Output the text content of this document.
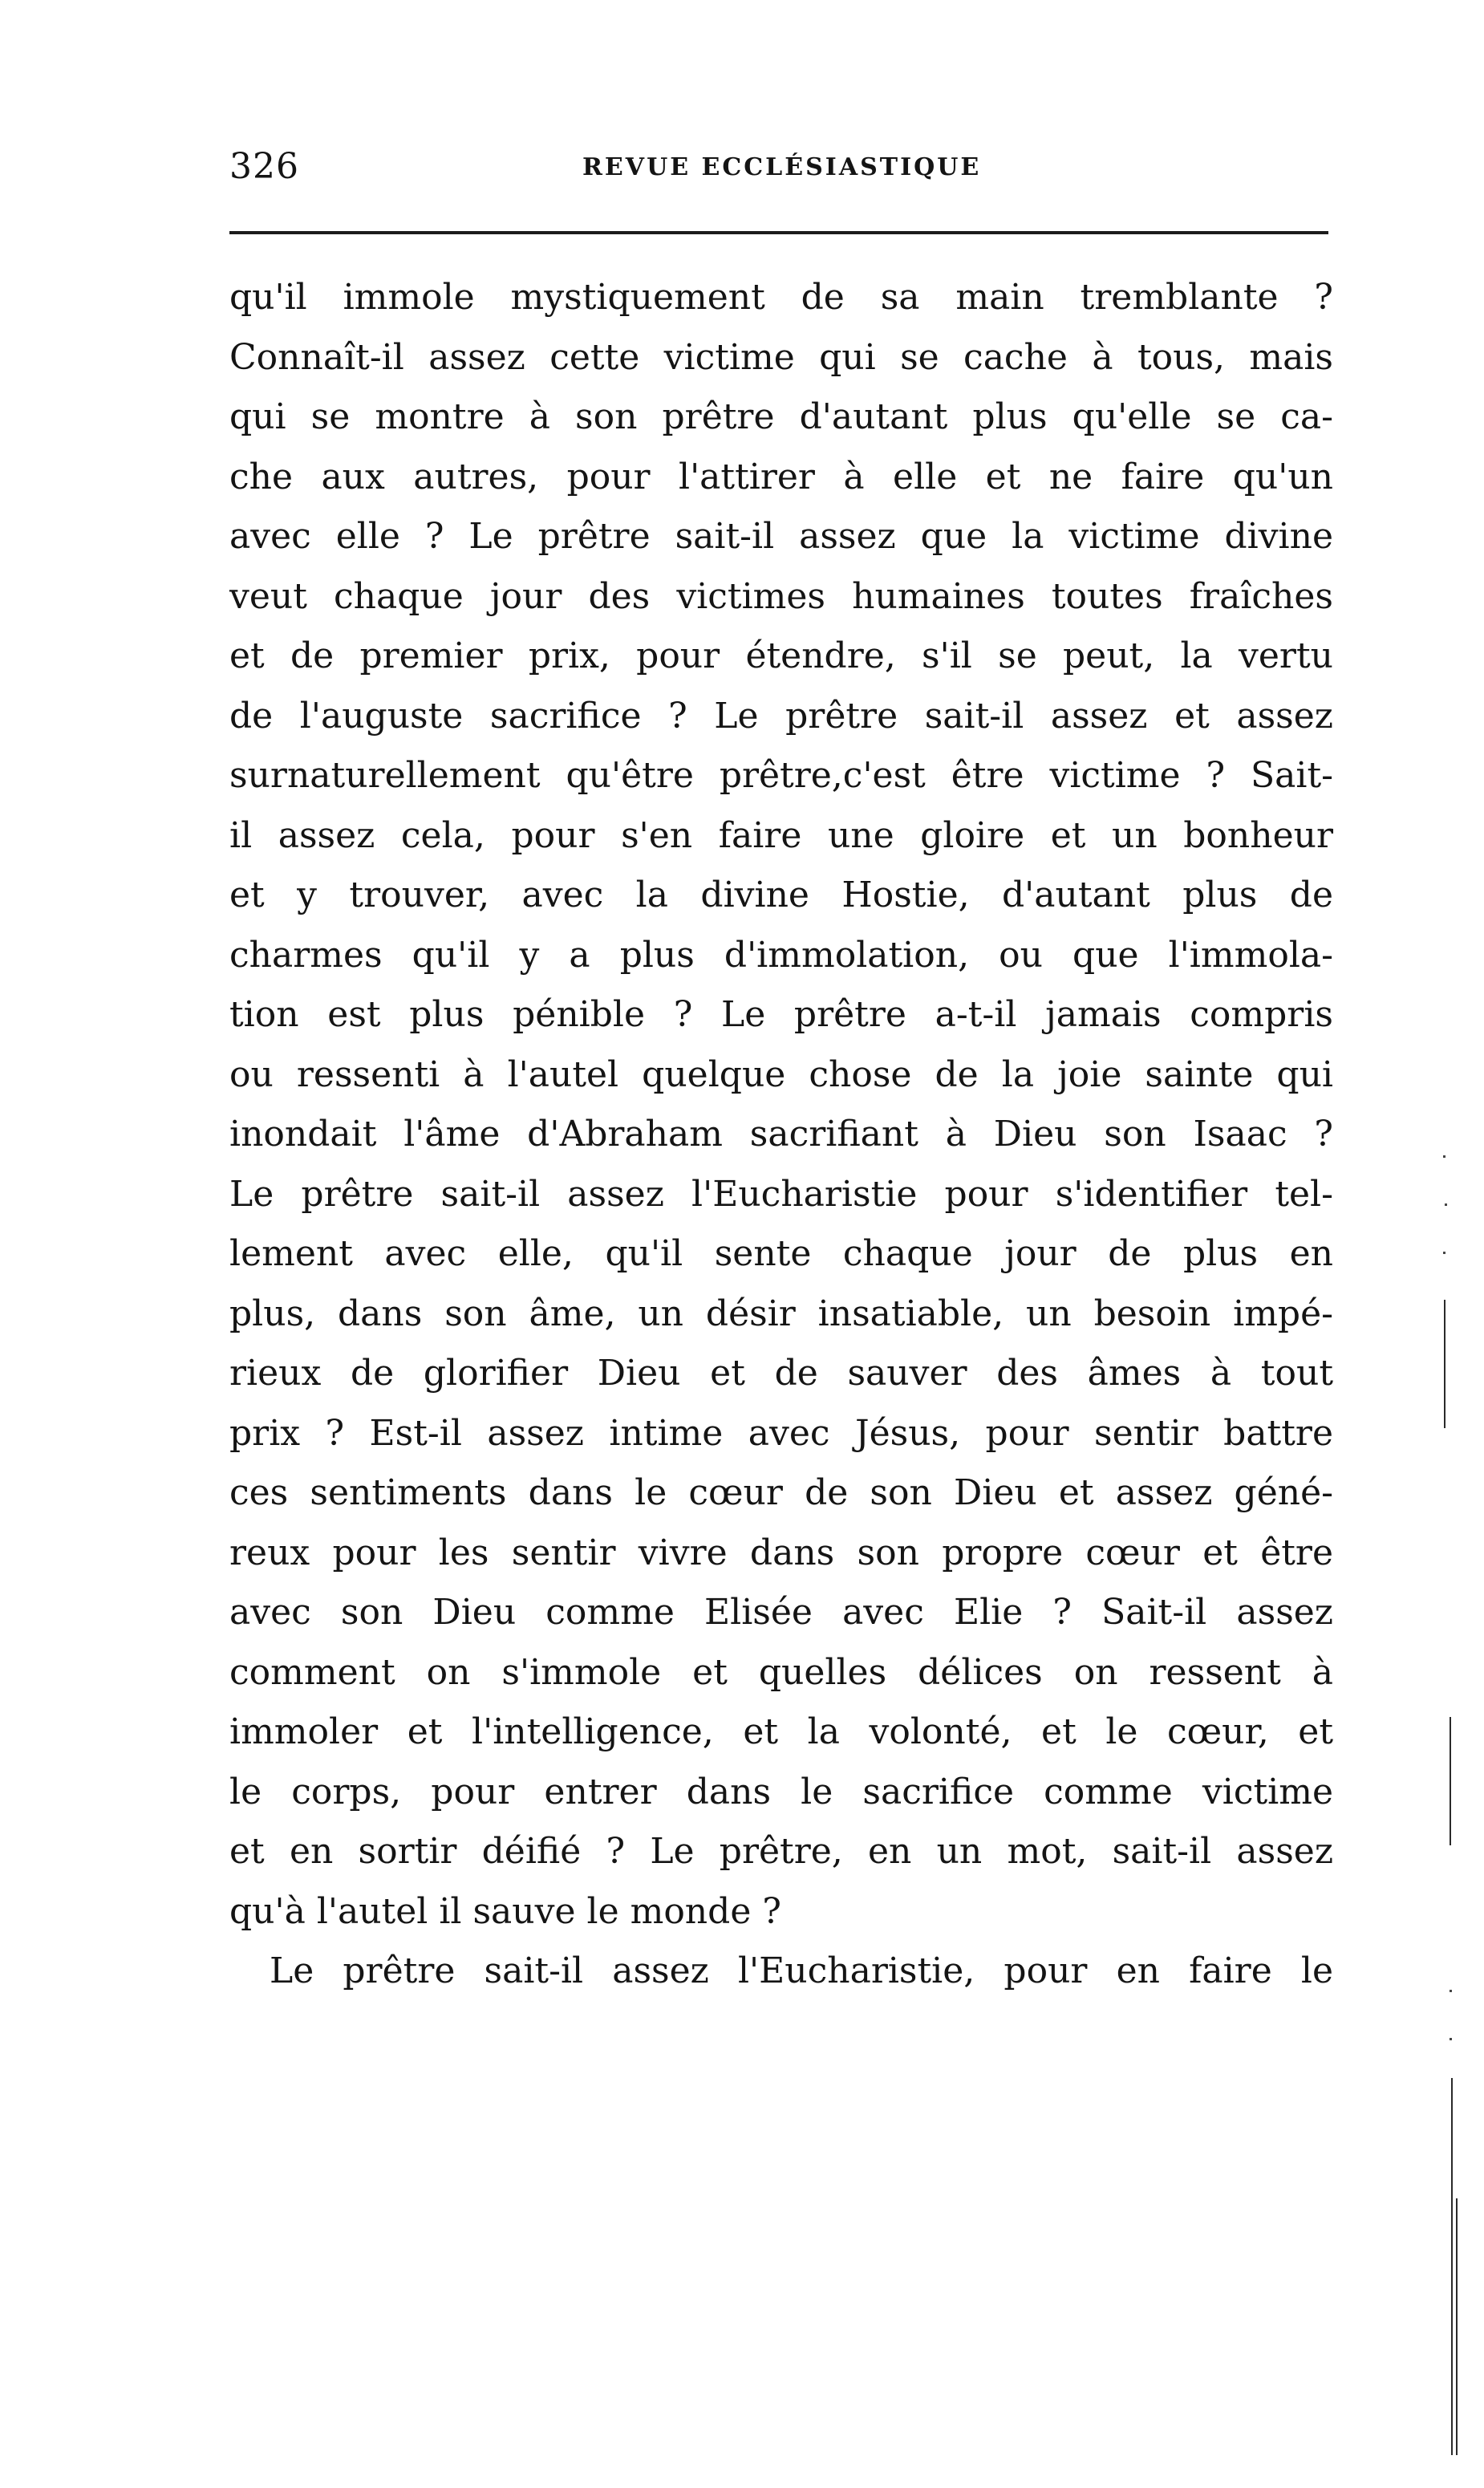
326	REVUE ECCLÉSIASTIQUE
qu'il immole mystiquement de sa main tremblante ?
Connaît-il assez cette victime qui se cache à tous, mais
qui se montre à son prêtre d'autant plus qu'elle se ca-
che aux autres, pour l'attirer à elle et ne faire qu'un
avec elle ? Le prêtre sait-il assez que la victime divine
veut chaque jour des victimes humaines toutes fraîches
et de premier prix, pour étendre, s'il se peut, la vertu
de l'auguste sacrifice ? Le prêtre sait-il assez et assez
surnaturellement qu'être prêtre,c'est être victime ? Sait-
il assez cela, pour s'en faire une gloire et un bonheur
et y trouver, avec la divine Hostie, d'autant plus de
charmes qu'il y a plus d'immolation, ou que l'immola-
tion est plus pénible ? Le prêtre a-t-il jamais compris
ou ressenti à l'autel quelque chose de la joie sainte qui
inondait l'âme d'Abraham sacrifiant à Dieu son Isaac ?
Le prêtre sait-il assez l'Eucharistie pour s'identifier tel-
lement avec elle, qu'il sente chaque jour de plus en
plus, dans son âme, un désir insatiable, un besoin impé-
rieux de glorifier Dieu et de sauver des âmes à tout
prix ? Est-il assez intime avec Jésus, pour sentir battre
ces sentiments dans le cœur de son Dieu et assez géné-
reux pour les sentir vivre dans son propre cœur et être
avec son Dieu comme Elisée avec Elie ? Sait-il assez
comment on s'immole et quelles délices on ressent à
immoler et l'intelligence, et la volonté, et le cœur, et
le corps, pour entrer dans le sacrifice comme victime
et en sortir déifié ? Le prêtre, en un mot, sait-il assez
qu'à l'autel il sauve le monde ?
Le prêtre sait-il assez l'Eucharistie, pour en faire le
